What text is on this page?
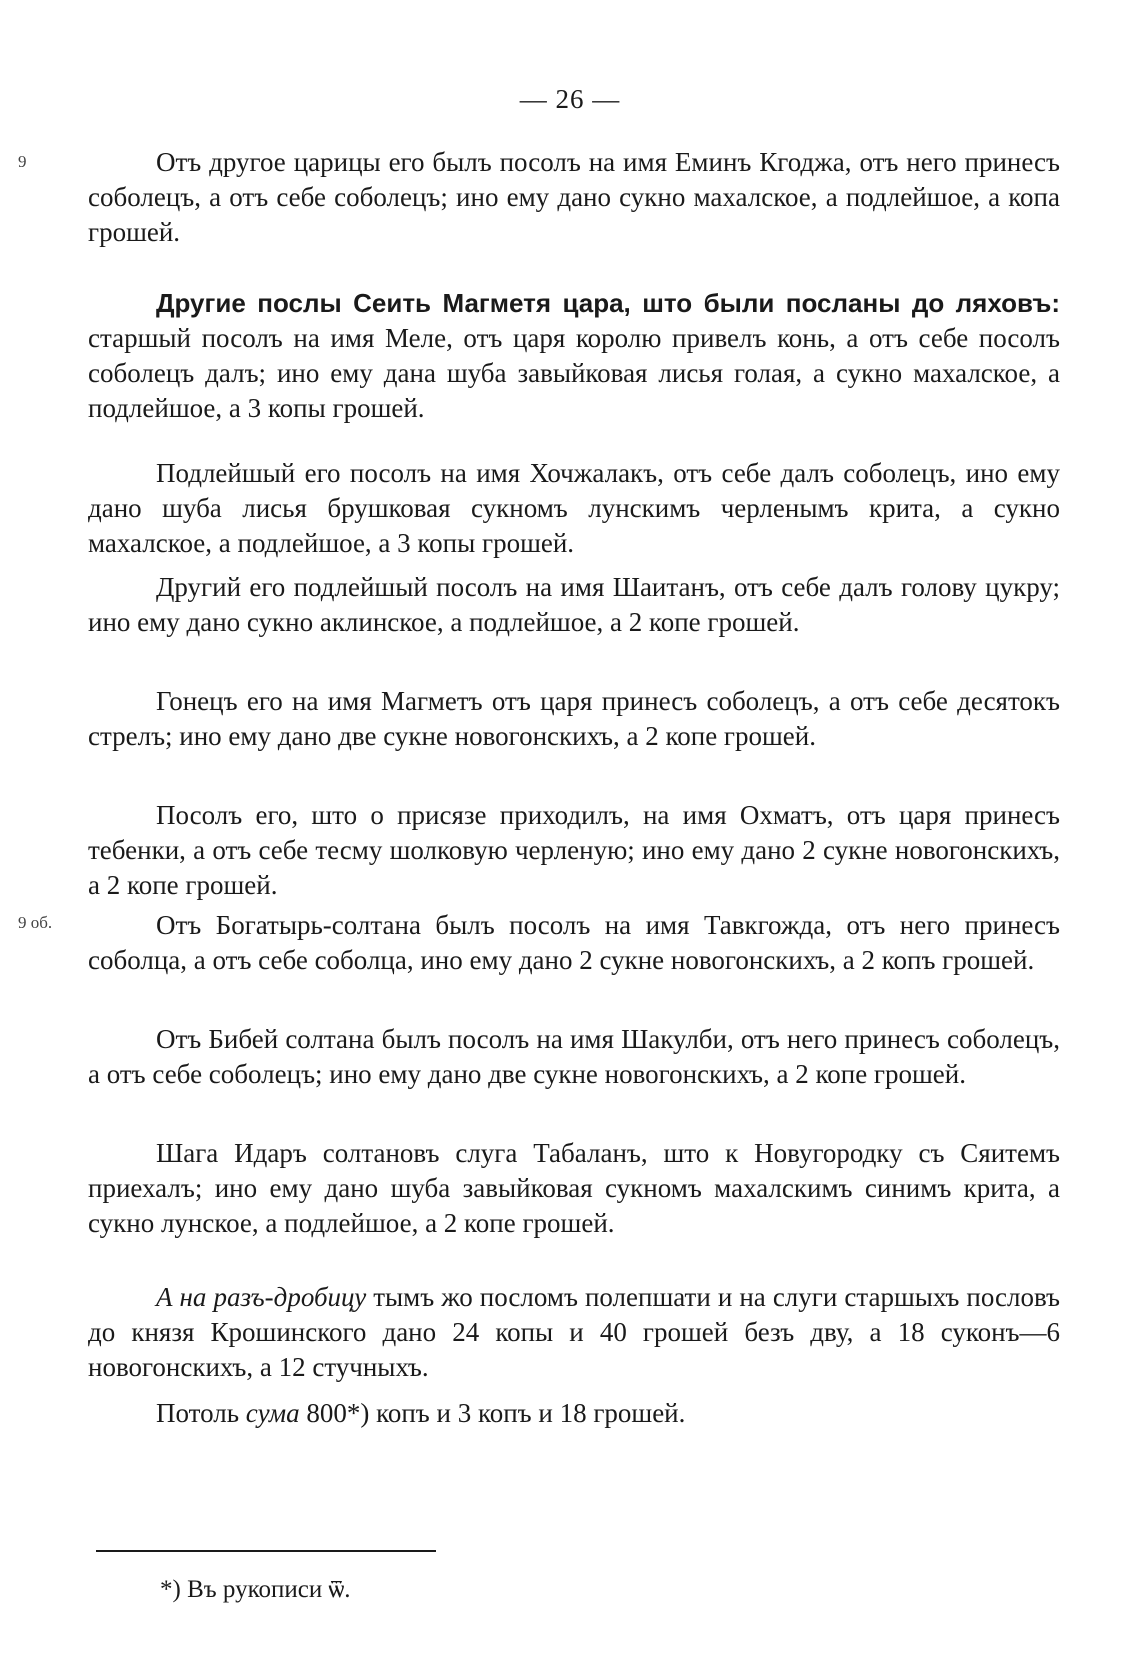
— 26 —
9
9 об.

Отъ другое царицы его былъ посолъ на имя Еминъ Кгоджа, отъ него принесъ соболецъ, а отъ себе соболецъ; ино ему дано сукно махалское, а подлейшое, а копа грошей.

Другие послы Сеить Магметя цара, што были посланы до ляховъ: старшый посолъ на имя Меле, отъ царя королю привелъ конь, а отъ себе посолъ соболецъ далъ; ино ему дана шуба завыйковая лисья голая, а сукно махалское, а подлейшое, а 3 копы грошей.

Подлейшый его посолъ на имя Хочжалакъ, отъ себе далъ соболецъ, ино ему дано шуба лисья брушковая сукномъ лунскимъ черленымъ крита, а сукно махалское, а подлейшое, а 3 копы грошей.

Другий его подлейшый посолъ на имя Шаитанъ, отъ себе далъ голову цукру; ино ему дано сукно аклинское, а подлейшое, а 2 копе грошей.

Гонецъ его на имя Магметъ отъ царя принесъ соболецъ, а отъ себе десятокъ стрелъ; ино ему дано две сукне новогонскихъ, а 2 копе грошей.

Посолъ его, што о присязе приходилъ, на имя Охматъ, отъ царя принесъ тебенки, а отъ себе тесму шолковую черленую; ино ему дано 2 сукне новогонскихъ, а 2 копе грошей.

Отъ Богатырь-солтана былъ посолъ на имя Тавкгожда, отъ него принесъ соболца, а отъ себе соболца, ино ему дано 2 сукне новогонскихъ, а 2 копъ грошей.

Отъ Бибей солтана былъ посолъ на имя Шакулби, отъ него принесъ соболецъ, а отъ себе соболецъ; ино ему дано две сукне новогонскихъ, а 2 копе грошей.

Шага Идаръ солтановъ слуга Табаланъ, што к Новугородку съ Сяитемъ приехалъ; ино ему дано шуба завыйковая сукномъ махалскимъ синимъ крита, а сукно лунское, а подлейшое, а 2 копе грошей.

А на разъ-дробицу тымъ жо посломъ полепшати и на слуги старшыхъ пословъ до князя Крошинского дано 24 копы и 40 грошей безъ дву, а 18 суконъ—6 новогонскихъ, а 12 стучныхъ.

Потоль сума 800*) копъ и 3 копъ и 18 грошей.

*) Въ рукописи ѿ.
